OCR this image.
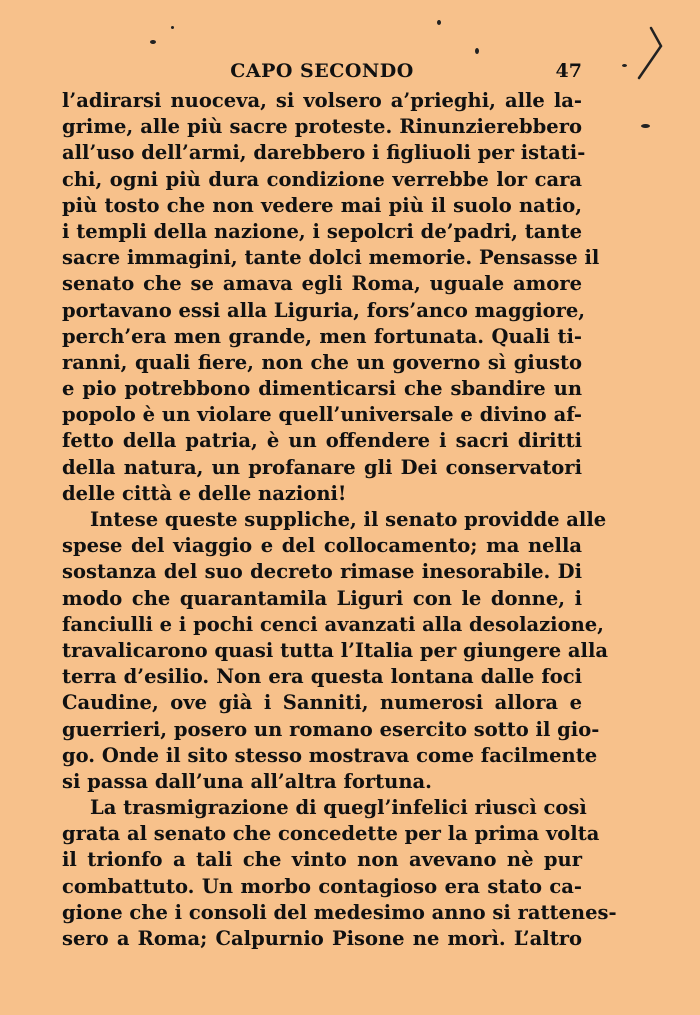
CAPO SECONDO	47
l’adirarsi nuoceva, si volsero a’prieghi, alle la-
grime, alle più sacre proteste. Rinunzierebbero
all’uso dell’armi, darebbero i figliuoli per istati-
chi, ogni più dura condizione verrebbe lor cara
più tosto che non vedere mai più il suolo natio,
i templi della nazione, i sepolcri de’padri, tante
sacre immagini, tante dolci memorie. Pensasse il
senato che se amava egli Roma, uguale amore
portavano essi alla Liguria, fors’anco maggiore,
perch’era men grande, men fortunata. Quali ti-
ranni, quali fiere, non che un governo sì giusto
e pio potrebbono dimenticarsi che sbandire un
popolo è un violare quell’universale e divino af-
fetto della patria, è un offendere i sacri diritti
della natura, un profanare gli Dei conservatori
delle città e delle nazioni!
Intese queste suppliche, il senato providde alle
spese del viaggio e del collocamento; ma nella
sostanza del suo decreto rimase inesorabile. Di
modo che quarantamila Liguri con le donne, i
fanciulli e i pochi cenci avanzati alla desolazione,
travalicarono quasi tutta l’Italia per giungere alla
terra d’esilio. Non era questa lontana dalle foci
Caudine, ove già i Sanniti, numerosi allora e
guerrieri, posero un romano esercito sotto il gio-
go. Onde il sito stesso mostrava come facilmente
si passa dall’una all’altra fortuna.
La trasmigrazione di quegl’infelici riuscì così
grata al senato che concedette per la prima volta
il trionfo a tali che vinto non avevano nè pur
combattuto. Un morbo contagioso era stato ca-
gione che i consoli del medesimo anno si rattenes-
sero a Roma; Calpurnio Pisone ne morì. L’altro
